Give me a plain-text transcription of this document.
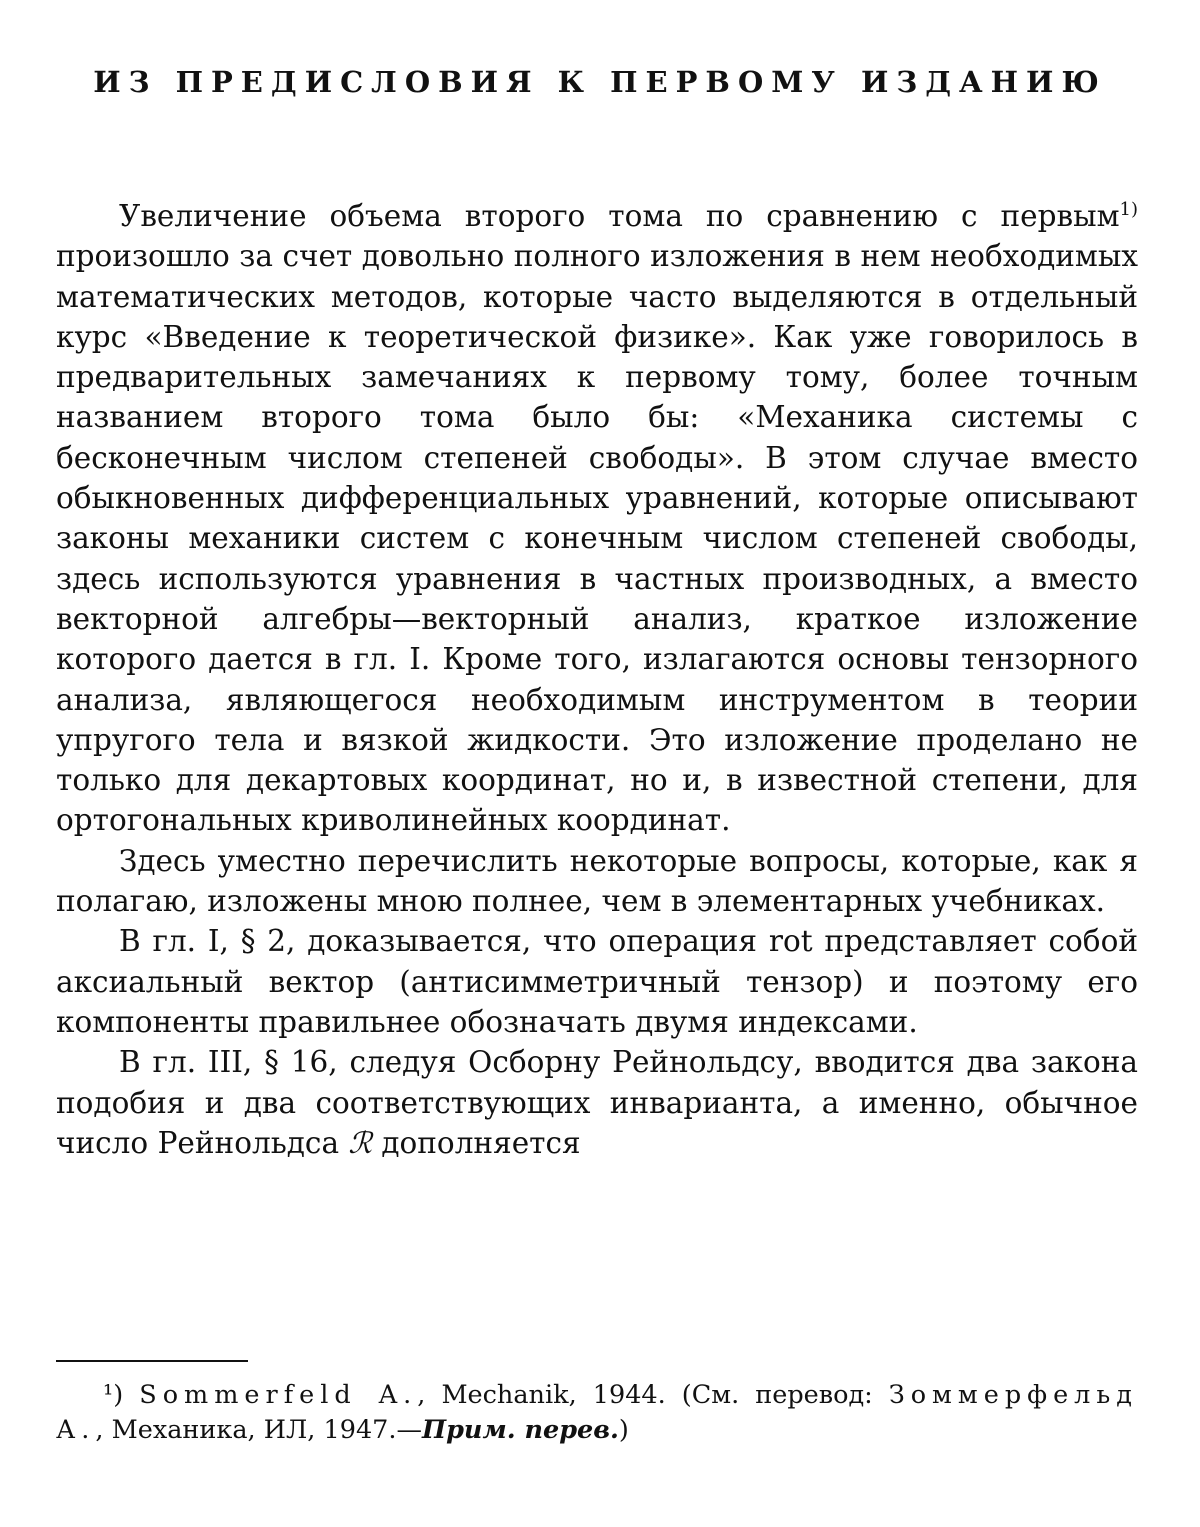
ИЗ ПРЕДИСЛОВИЯ К ПЕРВОМУ ИЗДАНИЮ

Увеличение объема второго тома по сравнению с первым$^{1)}$ произошло за счет довольно полного изложения в нем необходимых математических методов, которые часто выделяются в отдельный курс «Введение к теоретической физике». Как уже говорилось в предварительных замечаниях к первому тому, более точным названием второго тома было бы: «Механика системы с бесконечным числом степеней свободы». В этом случае вместо обыкновенных дифференциальных уравнений, которые описывают законы механики систем с конечным числом степеней свободы, здесь используются уравнения в частных производных, а вместо векторной алгебры—векторный анализ, краткое изложение которого дается в гл. I. Кроме того, излагаются основы тензорного анализа, являющегося необходимым инструментом в теории упругого тела и вязкой жидкости. Это изложение проделано не только для декартовых координат, но и, в известной степени, для ортогональных криволинейных координат.

Здесь уместно перечислить некоторые вопросы, которые, как я полагаю, изложены мною полнее, чем в элементарных учебниках.

В гл. I, § 2, доказывается, что операция rot представляет собой аксиальный вектор (антисимметричный тензор) и поэтому его компоненты правильнее обозначать двумя индексами.

В гл. III, § 16, следуя Осборну Рейнольдсу, вводится два закона подобия и два соответствующих инварианта, а именно, обычное число Рейнольдса ℛ дополняется

¹) Sommerfeld A., Mechanik, 1944. (См. перевод: Зоммерфельд А., Механика, ИЛ, 1947.—Прим. перев.)
